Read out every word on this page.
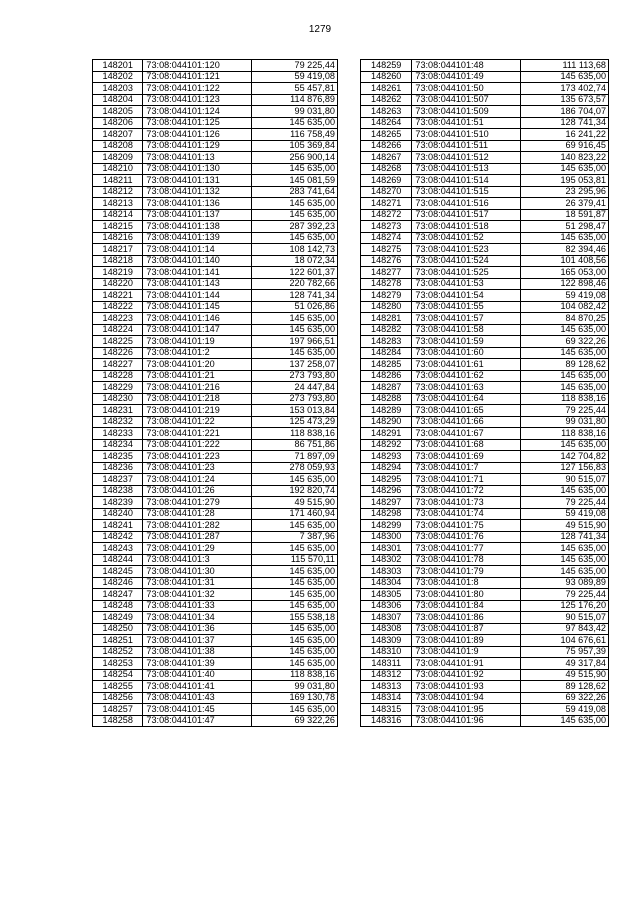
1279
148201	73:08:044101:120	79 225,44
148202	73:08:044101:121	59 419,08
148203	73:08:044101:122	55 457,81
148204	73:08:044101:123	114 876,89
148205	73:08:044101:124	99 031,80
148206	73:08:044101:125	145 635,00
148207	73:08:044101:126	116 758,49
148208	73:08:044101:129	105 369,84
148209	73:08:044101:13	256 900,14
148210	73:08:044101:130	145 635,00
148211	73:08:044101:131	145 081,59
148212	73:08:044101:132	283 741,64
148213	73:08:044101:136	145 635,00
148214	73:08:044101:137	145 635,00
148215	73:08:044101:138	287 392,23
148216	73:08:044101:139	145 635,00
148217	73:08:044101:14	108 142,73
148218	73:08:044101:140	18 072,34
148219	73:08:044101:141	122 601,37
148220	73:08:044101:143	220 782,66
148221	73:08:044101:144	128 741,34
148222	73:08:044101:145	51 026,86
148223	73:08:044101:146	145 635,00
148224	73:08:044101:147	145 635,00
148225	73:08:044101:19	197 966,51
148226	73:08:044101:2	145 635,00
148227	73:08:044101:20	137 258,07
148228	73:08:044101:21	273 793,80
148229	73:08:044101:216	24 447,84
148230	73:08:044101:218	273 793,80
148231	73:08:044101:219	153 013,84
148232	73:08:044101:22	125 473,29
148233	73:08:044101:221	118 838,16
148234	73:08:044101:222	86 751,86
148235	73:08:044101:223	71 897,09
148236	73:08:044101:23	278 059,93
148237	73:08:044101:24	145 635,00
148238	73:08:044101:26	192 820,74
148239	73:08:044101:279	49 515,90
148240	73:08:044101:28	171 460,94
148241	73:08:044101:282	145 635,00
148242	73:08:044101:287	7 387,96
148243	73:08:044101:29	145 635,00
148244	73:08:044101:3	115 570,11
148245	73:08:044101:30	145 635,00
148246	73:08:044101:31	145 635,00
148247	73:08:044101:32	145 635,00
148248	73:08:044101:33	145 635,00
148249	73:08:044101:34	155 538,18
148250	73:08:044101:36	145 635,00
148251	73:08:044101:37	145 635,00
148252	73:08:044101:38	145 635,00
148253	73:08:044101:39	145 635,00
148254	73:08:044101:40	118 838,16
148255	73:08:044101:41	99 031,80
148256	73:08:044101:43	169 130,78
148257	73:08:044101:45	145 635,00
148258	73:08:044101:47	69 322,26
148259	73:08:044101:48	111 113,68
148260	73:08:044101:49	145 635,00
148261	73:08:044101:50	173 402,74
148262	73:08:044101:507	135 673,57
148263	73:08:044101:509	186 704,07
148264	73:08:044101:51	128 741,34
148265	73:08:044101:510	16 241,22
148266	73:08:044101:511	69 916,45
148267	73:08:044101:512	140 823,22
148268	73:08:044101:513	145 635,00
148269	73:08:044101:514	195 053,81
148270	73:08:044101:515	23 295,96
148271	73:08:044101:516	26 379,41
148272	73:08:044101:517	18 591,87
148273	73:08:044101:518	51 298,47
148274	73:08:044101:52	145 635,00
148275	73:08:044101:523	82 394,46
148276	73:08:044101:524	101 408,56
148277	73:08:044101:525	165 053,00
148278	73:08:044101:53	122 898,46
148279	73:08:044101:54	59 419,08
148280	73:08:044101:55	104 082,42
148281	73:08:044101:57	84 870,25
148282	73:08:044101:58	145 635,00
148283	73:08:044101:59	69 322,26
148284	73:08:044101:60	145 635,00
148285	73:08:044101:61	89 128,62
148286	73:08:044101:62	145 635,00
148287	73:08:044101:63	145 635,00
148288	73:08:044101:64	118 838,16
148289	73:08:044101:65	79 225,44
148290	73:08:044101:66	99 031,80
148291	73:08:044101:67	118 838,16
148292	73:08:044101:68	145 635,00
148293	73:08:044101:69	142 704,82
148294	73:08:044101:7	127 156,83
148295	73:08:044101:71	90 515,07
148296	73:08:044101:72	145 635,00
148297	73:08:044101:73	79 225,44
148298	73:08:044101:74	59 419,08
148299	73:08:044101:75	49 515,90
148300	73:08:044101:76	128 741,34
148301	73:08:044101:77	145 635,00
148302	73:08:044101:78	145 635,00
148303	73:08:044101:79	145 635,00
148304	73:08:044101:8	93 089,89
148305	73:08:044101:80	79 225,44
148306	73:08:044101:84	125 176,20
148307	73:08:044101:86	90 515,07
148308	73:08:044101:87	97 843,42
148309	73:08:044101:89	104 676,61
148310	73:08:044101:9	75 957,39
148311	73:08:044101:91	49 317,84
148312	73:08:044101:92	49 515,90
148313	73:08:044101:93	89 128,62
148314	73:08:044101:94	69 322,26
148315	73:08:044101:95	59 419,08
148316	73:08:044101:96	145 635,00
